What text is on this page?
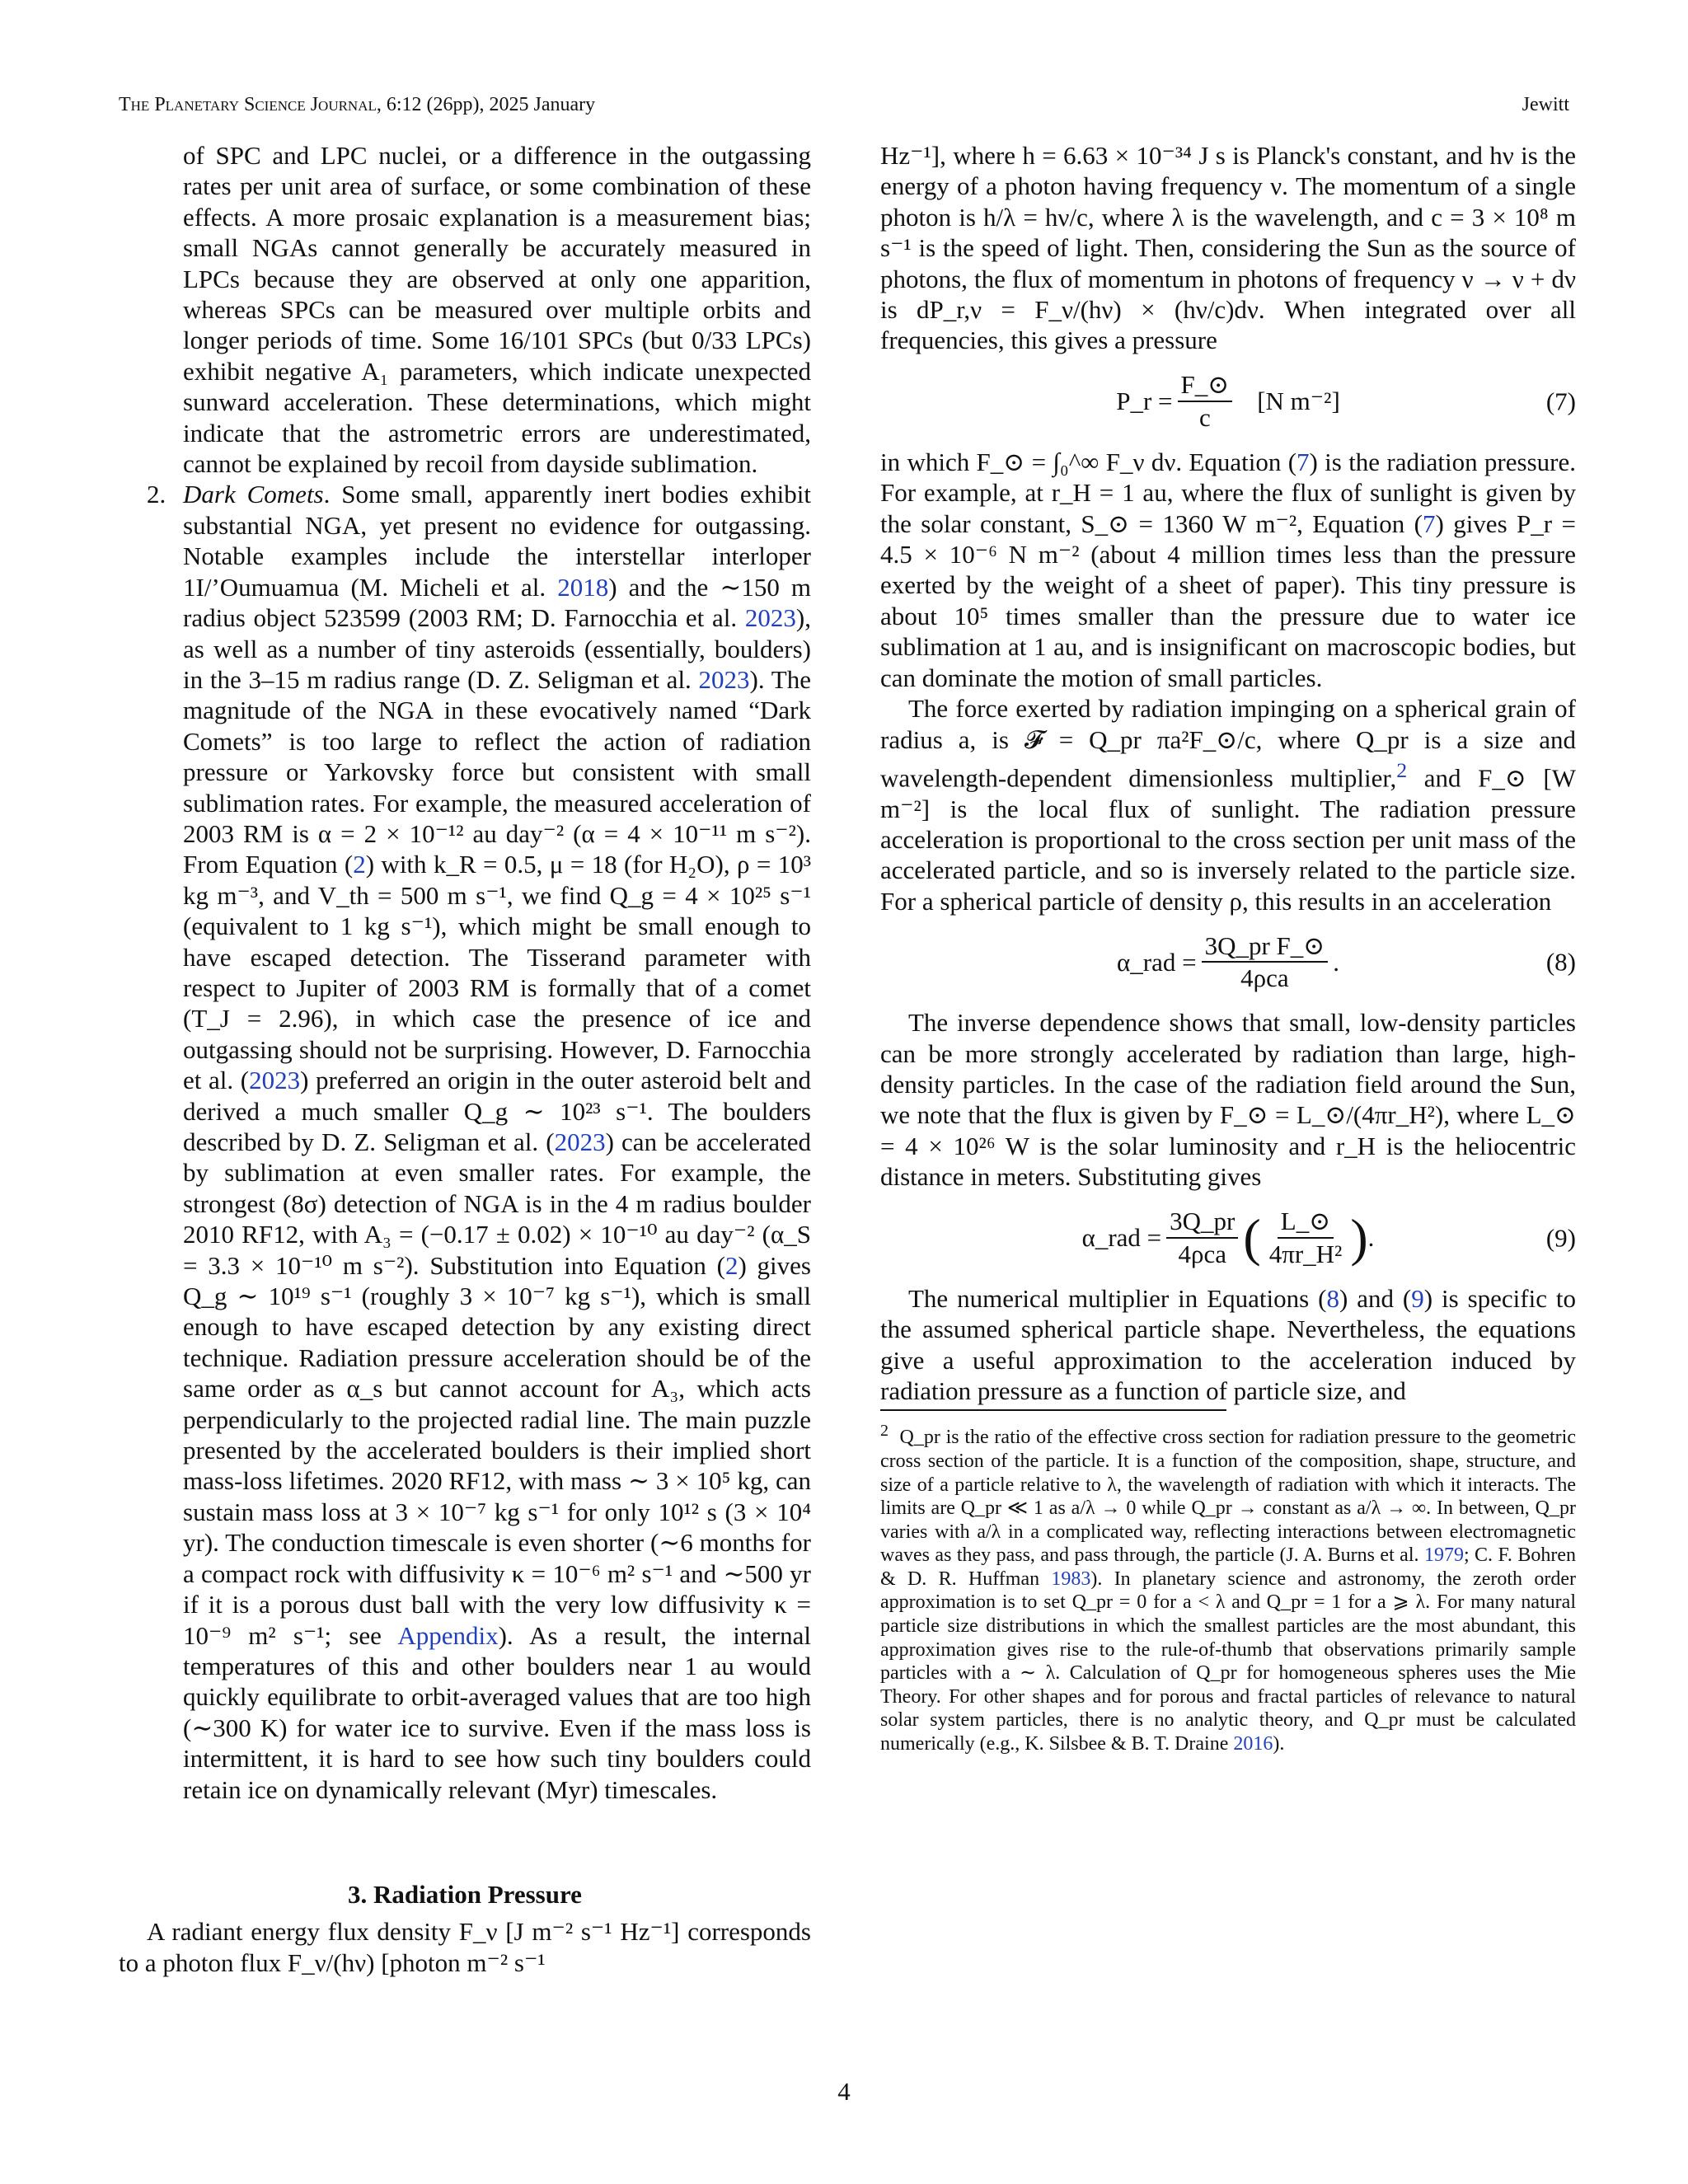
The Planetary Science Journal, 6:12 (26pp), 2025 January	Jewitt

of SPC and LPC nuclei, or a difference in the outgassing rates per unit area of surface, or some combination of these effects. A more prosaic explanation is a measurement bias; small NGAs cannot generally be accurately measured in LPCs because they are observed at only one apparition, whereas SPCs can be measured over multiple orbits and longer periods of time. Some 16/101 SPCs (but 0/33 LPCs) exhibit negative A₁ parameters, which indicate unexpected sunward acceleration. These determinations, which might indicate that the astrometric errors are underestimated, cannot be explained by recoil from dayside sublimation.

2. Dark Comets. Some small, apparently inert bodies exhibit substantial NGA, yet present no evidence for outgassing. Notable examples include the interstellar interloper 1I/’Oumuamua (M. Micheli et al. 2018) and the ∼150 m radius object 523599 (2003 RM; D. Farnocchia et al. 2023), as well as a number of tiny asteroids (essentially, boulders) in the 3–15 m radius range (D. Z. Seligman et al. 2023). The magnitude of the NGA in these evocatively named “Dark Comets” is too large to reflect the action of radiation pressure or Yarkovsky force but consistent with small sublimation rates. For example, the measured acceleration of 2003 RM is α = 2 × 10⁻¹² au day⁻² (α = 4 × 10⁻¹¹ m s⁻²). From Equation (2) with k_R = 0.5, μ = 18 (for H₂O), ρ = 10³ kg m⁻³, and V_th = 500 m s⁻¹, we find Q_g = 4 × 10²⁵ s⁻¹ (equivalent to 1 kg s⁻¹), which might be small enough to have escaped detection. The Tisserand parameter with respect to Jupiter of 2003 RM is formally that of a comet (T_J = 2.96), in which case the presence of ice and outgassing should not be surprising. However, D. Farnocchia et al. (2023) preferred an origin in the outer asteroid belt and derived a much smaller Q_g ∼ 10²³ s⁻¹. The boulders described by D. Z. Seligman et al. (2023) can be accelerated by sublimation at even smaller rates. For example, the strongest (8σ) detection of NGA is in the 4 m radius boulder 2010 RF12, with A₃ = (−0.17 ± 0.02) × 10⁻¹⁰ au day⁻² (α_S = 3.3 × 10⁻¹⁰ m s⁻²). Substitution into Equation (2) gives Q_g ∼ 10¹⁹ s⁻¹ (roughly 3 × 10⁻⁷ kg s⁻¹), which is small enough to have escaped detection by any existing direct technique. Radiation pressure acceleration should be of the same order as α_s but cannot account for A₃, which acts perpendicularly to the projected radial line. The main puzzle presented by the accelerated boulders is their implied short mass-loss lifetimes. 2020 RF12, with mass ∼ 3 × 10⁵ kg, can sustain mass loss at 3 × 10⁻⁷ kg s⁻¹ for only 10¹² s (3 × 10⁴ yr). The conduction timescale is even shorter (∼6 months for a compact rock with diffusivity κ = 10⁻⁶ m² s⁻¹ and ∼500 yr if it is a porous dust ball with the very low diffusivity κ = 10⁻⁹ m² s⁻¹; see Appendix). As a result, the internal temperatures of this and other boulders near 1 au would quickly equilibrate to orbit-averaged values that are too high (∼300 K) for water ice to survive. Even if the mass loss is intermittent, it is hard to see how such tiny boulders could retain ice on dynamically relevant (Myr) timescales.

3. Radiation Pressure

A radiant energy flux density F_ν [J m⁻² s⁻¹ Hz⁻¹] corresponds to a photon flux F_ν/(hν) [photon m⁻² s⁻¹

Hz⁻¹], where h = 6.63 × 10⁻³⁴ J s is Planck's constant, and hν is the energy of a photon having frequency ν. The momentum of a single photon is h/λ = hν/c, where λ is the wavelength, and c = 3 × 10⁸ m s⁻¹ is the speed of light. Then, considering the Sun as the source of photons, the flux of momentum in photons of frequency ν → ν + dν is dP_r,ν = F_ν/(hν) × (hν/c)dν. When integrated over all frequencies, this gives a pressure

P_r = $\frac{F\_⊙}{c} [N$ m⁻²]	(7)

in which F_⊙ = ∫₀^∞ F_ν dν. Equation (7) is the radiation pressure. For example, at r_H = 1 au, where the flux of sunlight is given by the solar constant, S_⊙ = 1360 W m⁻², Equation (7) gives P_r = 4.5 × 10⁻⁶ N m⁻² (about 4 million times less than the pressure exerted by the weight of a sheet of paper). This tiny pressure is about 10⁵ times smaller than the pressure due to water ice sublimation at 1 au, and is insignificant on macroscopic bodies, but can dominate the motion of small particles.

The force exerted by radiation impinging on a spherical grain of radius a, is 𝓕 = Q_pr πa²F_⊙/c, where Q_pr is a size and wavelength-dependent dimensionless multiplier,$^2$ and F_⊙ [W m⁻²] is the local flux of sunlight. The radiation pressure acceleration is proportional to the cross section per unit mass of the accelerated particle, and so is inversely related to the particle size. For a spherical particle of density ρ, this results in an acceleration

α_rad = $\frac{\text{3Q\_pr F\_⊙}}{\text{4ρca}}$ .	(8)

The inverse dependence shows that small, low-density particles can be more strongly accelerated by radiation than large, high-density particles. In the case of the radiation field around the Sun, we note that the flux is given by F_⊙ = L_⊙/(4πr_H²), where L_⊙ = 4 × 10²⁶ W is the solar luminosity and r_H is the heliocentric distance in meters. Substituting gives

α_rad = $\frac{3Q\_pr}{\text{4ρca}}$ ( $\frac{L\_⊙}{\text{4πr\_H²}}$ ) .	(9)

The numerical multiplier in Equations (8) and (9) is specific to the assumed spherical particle shape. Nevertheless, the equations give a useful approximation to the acceleration induced by radiation pressure as a function of particle size, and

$^2$ Q_pr is the ratio of the effective cross section for radiation pressure to the geometric cross section of the particle. It is a function of the composition, shape, structure, and size of a particle relative to λ, the wavelength of radiation with which it interacts. The limits are Q_pr ≪ 1 as a/λ → 0 while Q_pr → constant as a/λ → ∞. In between, Q_pr varies with a/λ in a complicated way, reflecting interactions between electromagnetic waves as they pass, and pass through, the particle (J. A. Burns et al. 1979; C. F. Bohren & D. R. Huffman 1983). In planetary science and astronomy, the zeroth order approximation is to set Q_pr = 0 for a < λ and Q_pr = 1 for a ⩾ λ. For many natural particle size distributions in which the smallest particles are the most abundant, this approximation gives rise to the rule-of-thumb that observations primarily sample particles with a ∼ λ. Calculation of Q_pr for homogeneous spheres uses the Mie Theory. For other shapes and for porous and fractal particles of relevance to natural solar system particles, there is no analytic theory, and Q_pr must be calculated numerically (e.g., K. Silsbee & B. T. Draine 2016).

4
